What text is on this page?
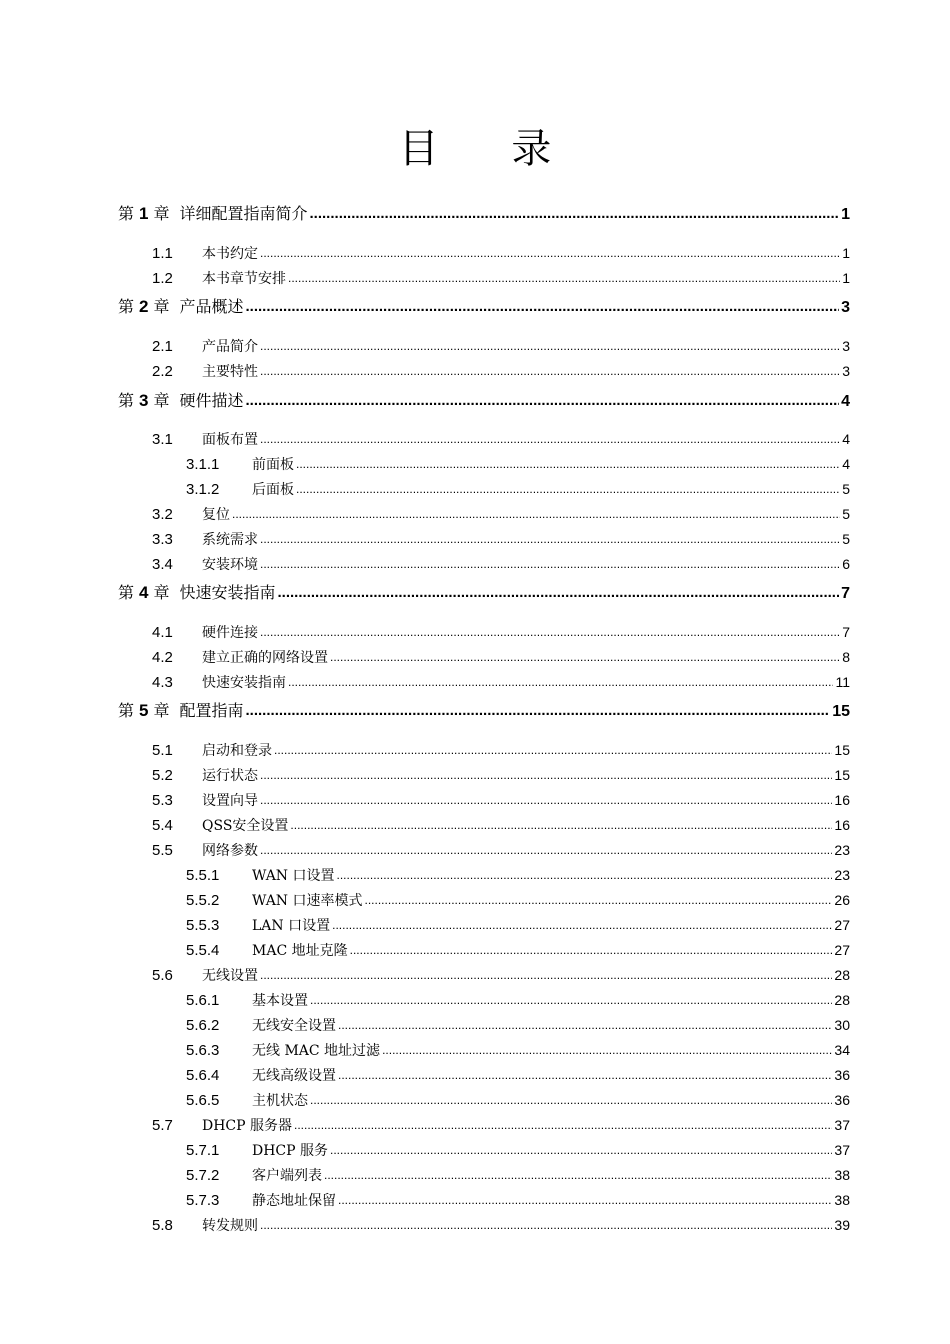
目 录
第 1 章 详细配置指南简介 .....	1
1.1	本书约定 .....	1
1.2	本书章节安排 .....	1
第 2 章 产品概述 .....	3
2.1	产品简介 .....	3
2.2	主要特性 .....	3
第 3 章 硬件描述 .....	4
3.1	面板布置 .....	4
3.1.1	前面板 .....	4
3.1.2	后面板 .....	5
3.2	复位 .....	5
3.3	系统需求 .....	5
3.4	安装环境 .....	6
第 4 章 快速安装指南 .....	7
4.1	硬件连接 .....	7
4.2	建立正确的网络设置 .....	8
4.3	快速安装指南 .....	11
第 5 章 配置指南 .....	15
5.1	启动和登录 .....	15
5.2	运行状态 .....	15
5.3	设置向导 .....	16
5.4	QSS安全设置 .....	16
5.5	网络参数 .....	23
5.5.1	WAN 口设置 .....	23
5.5.2	WAN 口速率模式 .....	26
5.5.3	LAN 口设置 .....	27
5.5.4	MAC 地址克隆 .....	27
5.6	无线设置 .....	28
5.6.1	基本设置 .....	28
5.6.2	无线安全设置 .....	30
5.6.3	无线 MAC 地址过滤 .....	34
5.6.4	无线高级设置 .....	36
5.6.5	主机状态 .....	36
5.7	DHCP 服务器 .....	37
5.7.1	DHCP 服务 .....	37
5.7.2	客户端列表 .....	38
5.7.3	静态地址保留 .....	38
5.8	转发规则 .....	39
